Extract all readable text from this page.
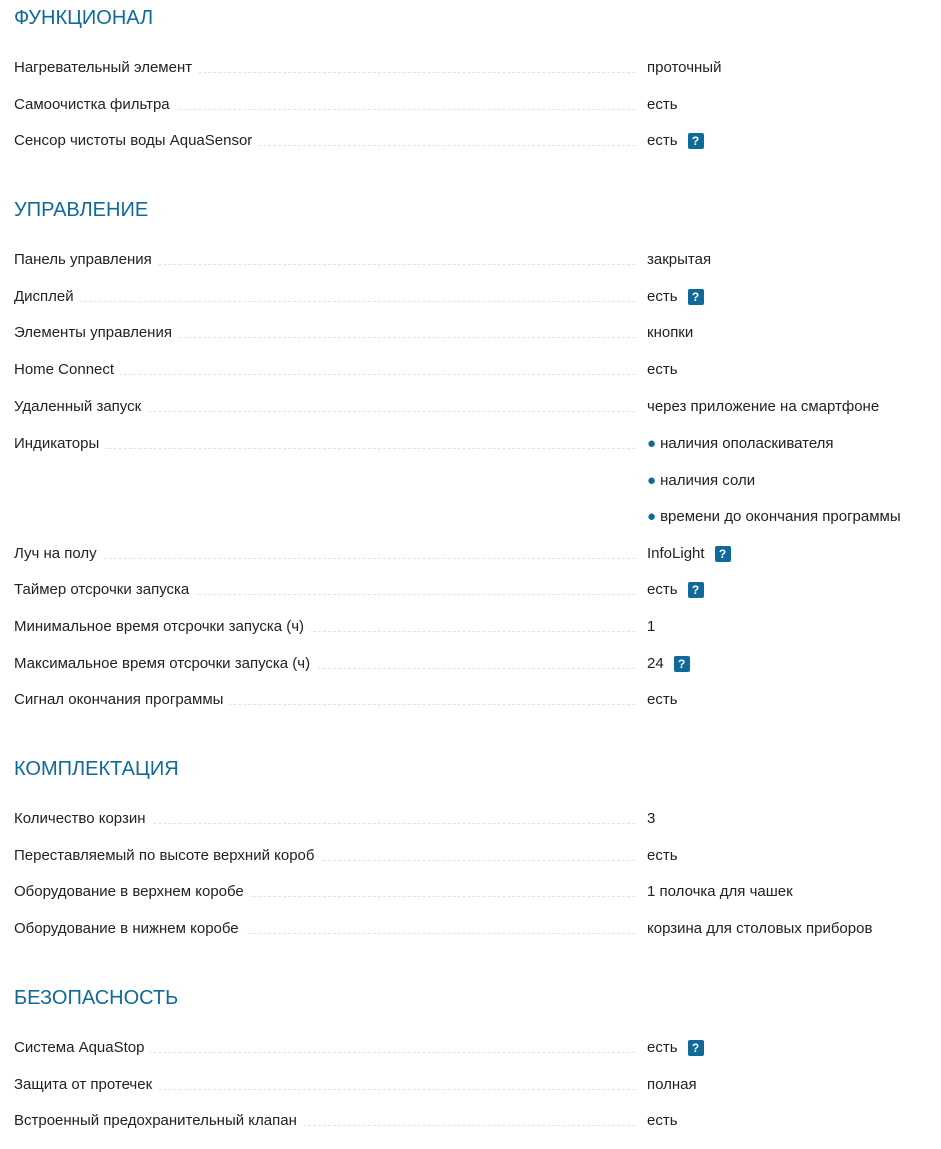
ФУНКЦИОНАЛ
Нагревательный элемент	проточный
Самоочистка фильтра	есть
Сенсор чистоты воды AquaSensor	есть	?
УПРАВЛЕНИЕ
Панель управления	закрытая
Дисплей	есть	?
Элементы управления	кнопки
Home Connect	есть
Удаленный запуск	через приложение на смартфоне
Индикаторы	● наличия ополаскивателя
● наличия соли
● времени до окончания программы
Луч на полу	InfoLight	?
Таймер отсрочки запуска	есть	?
Минимальное время отсрочки запуска (ч)	1
Максимальное время отсрочки запуска (ч)	24	?
Сигнал окончания программы	есть
КОМПЛЕКТАЦИЯ
Количество корзин	3
Переставляемый по высоте верхний короб	есть
Оборудование в верхнем коробе	1 полочка для чашек
Оборудование в нижнем коробе	корзина для столовых приборов
БЕЗОПАСНОСТЬ
Система AquaStop	есть	?
Защита от протечек	полная
Встроенный предохранительный клапан	есть
